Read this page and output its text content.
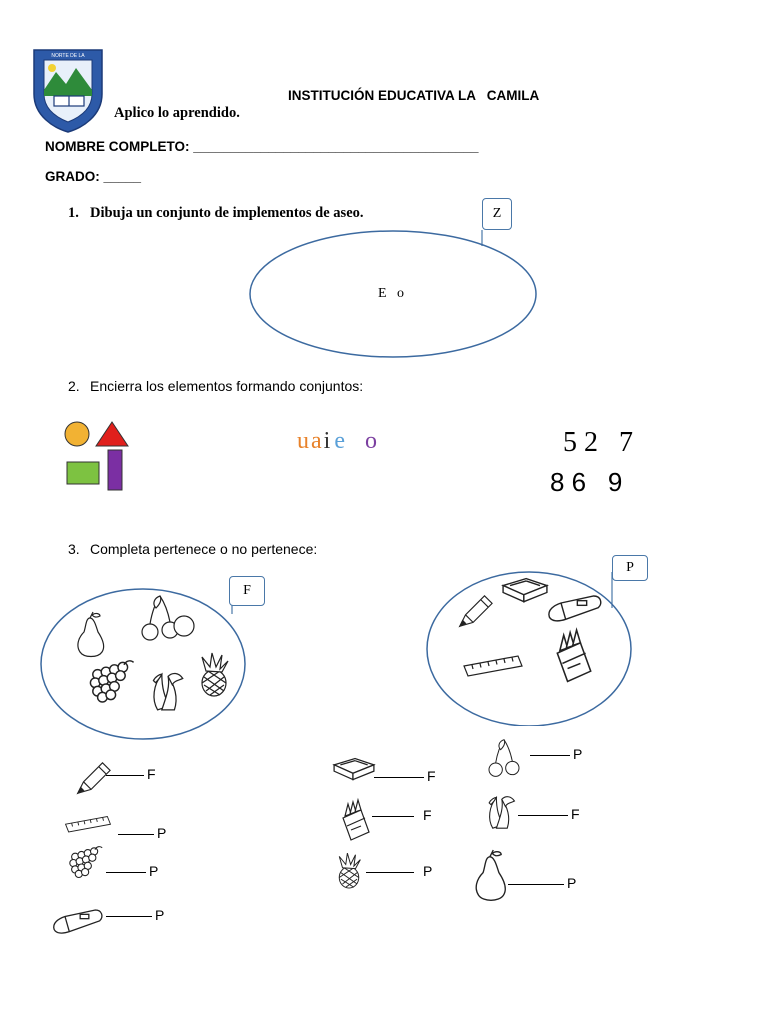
NORTE DE LA
INSTITUCIÓN EDUCATIVA LA   CAMILA
Aplico lo aprendido.
NOMBRE COMPLETO: ______________________________________
GRADO: _____
1. Dibuja un conjunto de implementos de aseo.	Z
E   o
2. Encierra los elementos formando conjuntos:
u a i e o	5 2   7
8 6   9
3. Completa pertenece o no pertenece:
F
P
F
P
P
P
F
F
P
P
F
P
